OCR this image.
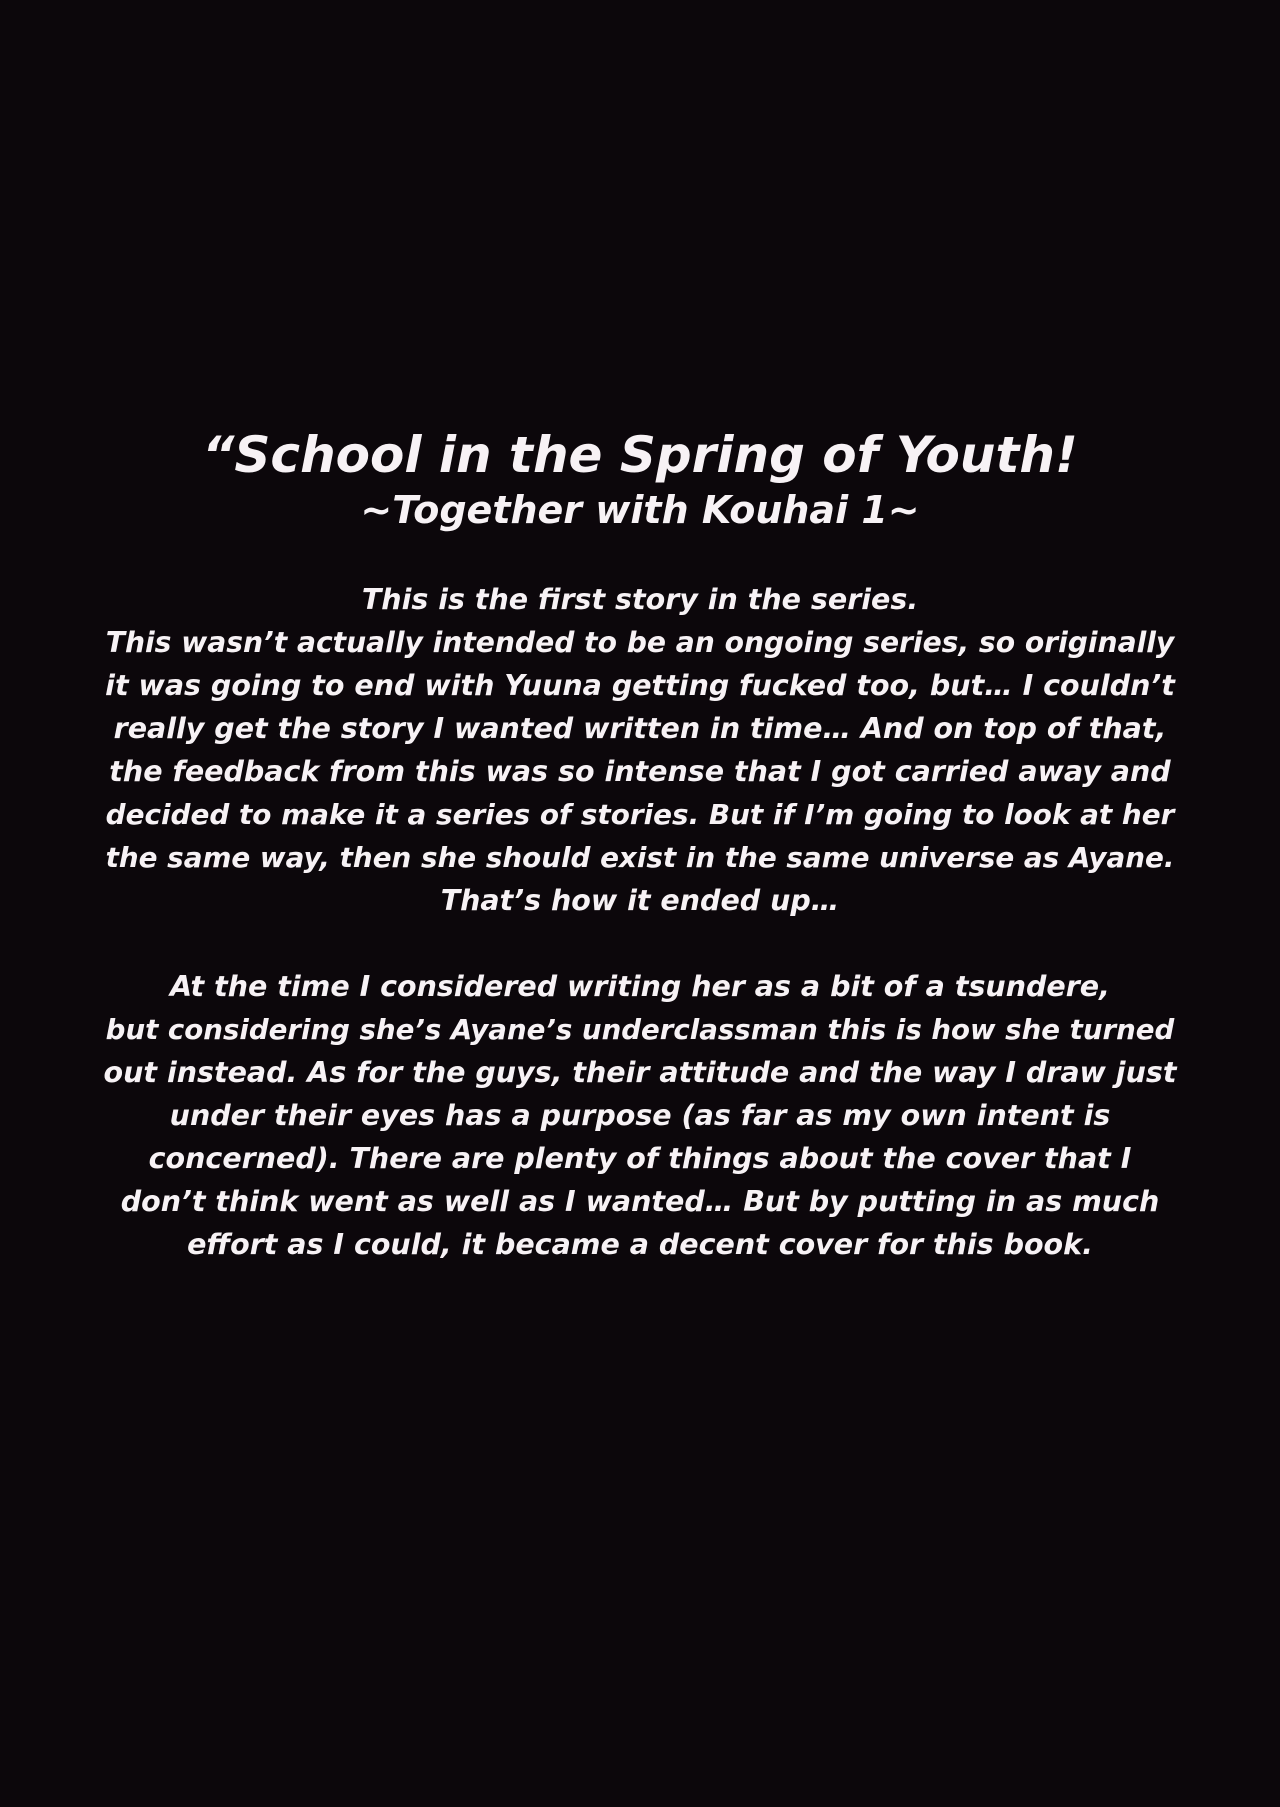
“School in the Spring of Youth!
~Together with Kouhai 1~

This is the first story in the series.
This wasn’t actually intended to be an ongoing series, so originally
it was going to end with Yuuna getting fucked too, but… I couldn’t
really get the story I wanted written in time… And on top of that,
the feedback from this was so intense that I got carried away and
decided to make it a series of stories. But if I’m going to look at her
the same way, then she should exist in the same universe as Ayane.
That’s how it ended up…

At the time I considered writing her as a bit of a tsundere,
but considering she’s Ayane’s underclassman this is how she turned
out instead. As for the guys, their attitude and the way I draw just
under their eyes has a purpose (as far as my own intent is
concerned). There are plenty of things about the cover that I
don’t think went as well as I wanted… But by putting in as much
effort as I could, it became a decent cover for this book.
